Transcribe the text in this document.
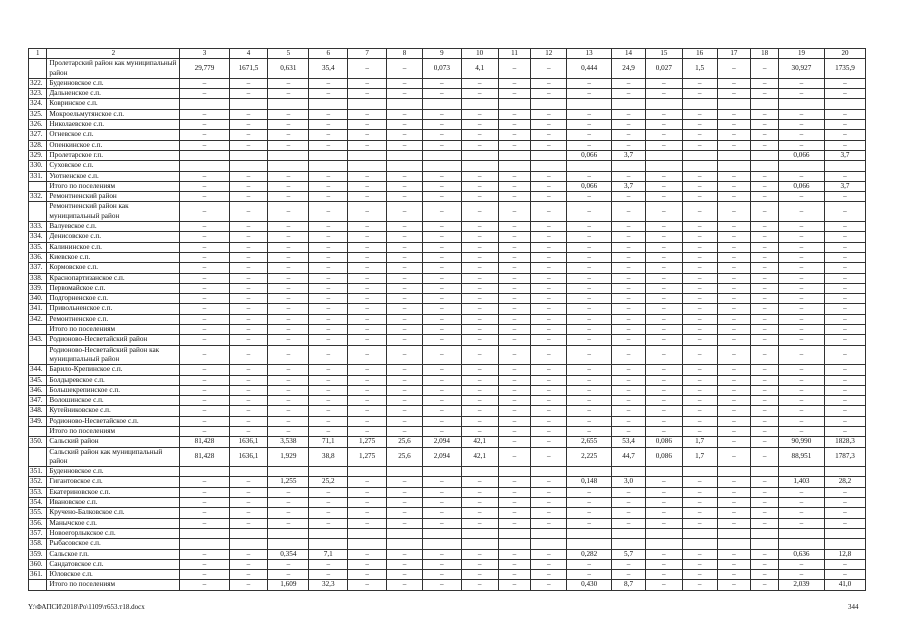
1	2	3	4	5	6	7	8	9	10	11	12	13	14	15	16	17	18	19	20
	Пролетарский район как муниципальный район	29,779	1671,5	0,631	35,4	–	–	0,073	4,1	–	–	0,444	24,9	0,027	1,5	–	–	30,927	1735,9
322.	Буденновское с.п.	–	–	–	–	–	–	–	–	–	–	–	–	–	–	–	–	–	–
323.	Дальненское с.п.	–	–	–	–	–	–	–	–	–	–	–	–	–	–	–	–	–	–
324.	Ковринское с.п.																		
325.	Мокроельмутянское с.п.	–	–	–	–	–	–	–	–	–	–	–	–	–	–	–	–	–	–
326.	Николаевское с.п.	–	–	–	–	–	–	–	–	–	–	–	–	–	–	–	–	–	–
327.	Огневское с.п.	–	–	–	–	–	–	–	–	–	–	–	–	–	–	–	–	–	–
328.	Опенкинское с.п.	–	–	–	–	–	–	–	–	–	–	–	–	–	–	–	–	–	–
329.	Пролетарское г.п.											0,066	3,7					0,066	3,7
330.	Суховское с.п.																		
331.	Уютненское с.п.	–	–	–	–	–	–	–	–	–	–	–	–	–	–	–	–	–	–
	Итого по поселениям	–	–	–	–	–	–	–	–	–	–	0,066	3,7	–	–	–	–	0,066	3,7
332.	Ремонтненский район	–	–	–	–	–	–	–	–	–	–	–	–	–	–	–	–	–	–
	Ремонтненский район как муниципальный район	–	–	–	–	–	–	–	–	–	–	–	–	–	–	–	–	–	–
333.	Валуевское с.п.	–	–	–	–	–	–	–	–	–	–	–	–	–	–	–	–	–	–
334.	Денисовское с.п.	–	–	–	–	–	–	–	–	–	–	–	–	–	–	–	–	–	–
335.	Калининское с.п.	–	–	–	–	–	–	–	–	–	–	–	–	–	–	–	–	–	–
336.	Киевское с.п.	–	–	–	–	–	–	–	–	–	–	–	–	–	–	–	–	–	–
337.	Кормовское с.п.	–	–	–	–	–	–	–	–	–	–	–	–	–	–	–	–	–	–
338.	Краснопартизанское с.п.	–	–	–	–	–	–	–	–	–	–	–	–	–	–	–	–	–	–
339.	Первомайское с.п.	–	–	–	–	–	–	–	–	–	–	–	–	–	–	–	–	–	–
340.	Подгорненское с.п.	–	–	–	–	–	–	–	–	–	–	–	–	–	–	–	–	–	–
341.	Привольненское с.п.	–	–	–	–	–	–	–	–	–	–	–	–	–	–	–	–	–	–
342.	Ремонтненское с.п.	–	–	–	–	–	–	–	–	–	–	–	–	–	–	–	–	–	–
	Итого по поселениям	–	–	–	–	–	–	–	–	–	–	–	–	–	–	–	–	–	–
343.	Родионово-Несветайский район	–	–	–	–	–	–	–	–	–	–	–	–	–	–	–	–	–	–
	Родионово-Несветайский район как муниципальный район	–	–	–	–	–	–	–	–	–	–	–	–	–	–	–	–	–	–
344.	Барило-Крепинское с.п.	–	–	–	–	–	–	–	–	–	–	–	–	–	–	–	–	–	–
345.	Болдыревское с.п.	–	–	–	–	–	–	–	–	–	–	–	–	–	–	–	–	–	–
346.	Большекрепинское с.п.	–	–	–	–	–	–	–	–	–	–	–	–	–	–	–	–	–	–
347.	Волошинское с.п.	–	–	–	–	–	–	–	–	–	–	–	–	–	–	–	–	–	–
348.	Кутейниковское с.п.	–	–	–	–	–	–	–	–	–	–	–	–	–	–	–	–	–	–
349.	Родионово-Несветайское с.п.	–	–	–	–	–	–	–	–	–	–	–	–	–	–	–	–	–	–
	Итого по поселениям	–	–	–	–	–	–	–	–	–	–	–	–	–	–	–	–	–	–
350.	Сальский район	81,428	1636,1	3,538	71,1	1,275	25,6	2,094	42,1	–	–	2,655	53,4	0,086	1,7	–	–	90,990	1828,3
	Сальский район как муниципальный район	81,428	1636,1	1,929	38,8	1,275	25,6	2,094	42,1	–	–	2,225	44,7	0,086	1,7	–	–	88,951	1787,3
351.	Буденновское с.п.																		
352.	Гигантовское с.п.	–	–	1,255	25,2	–	–	–	–	–	–	0,148	3,0	–	–	–	–	1,403	28,2
353.	Екатериновское с.п.	–	–	–	–	–	–	–	–	–	–	–	–	–	–	–	–	–	–
354.	Ивановское с.п.	–	–	–	–	–	–	–	–	–	–	–	–	–	–	–	–	–	–
355.	Кручено-Балковское с.п.	–	–	–	–	–	–	–	–	–	–	–	–	–	–	–	–	–	–
356.	Манычское с.п.	–	–	–	–	–	–	–	–	–	–	–	–	–	–	–	–	–	–
357.	Новоегорлыкское с.п.																		
358.	Рыбасовское с.п.																		
359.	Сальское г.п.	–	–	0,354	7,1	–	–	–	–	–	–	0,282	5,7	–	–	–	–	0,636	12,8
360.	Сандатовское с.п.	–	–	–	–	–	–	–	–	–	–	–	–	–	–	–	–	–	–
361.	Юловское с.п.	–	–	–	–	–	–	–	–	–	–	–	–	–	–	–	–	–	–
	Итого по поселениям	–	–	1,609	32,3	–	–	–	–	–	–	0,430	8,7	–	–	–	–	2,039	41,0
Y:\ФАПСИ\2018\Ро\1109\т653.т18.docx	344
